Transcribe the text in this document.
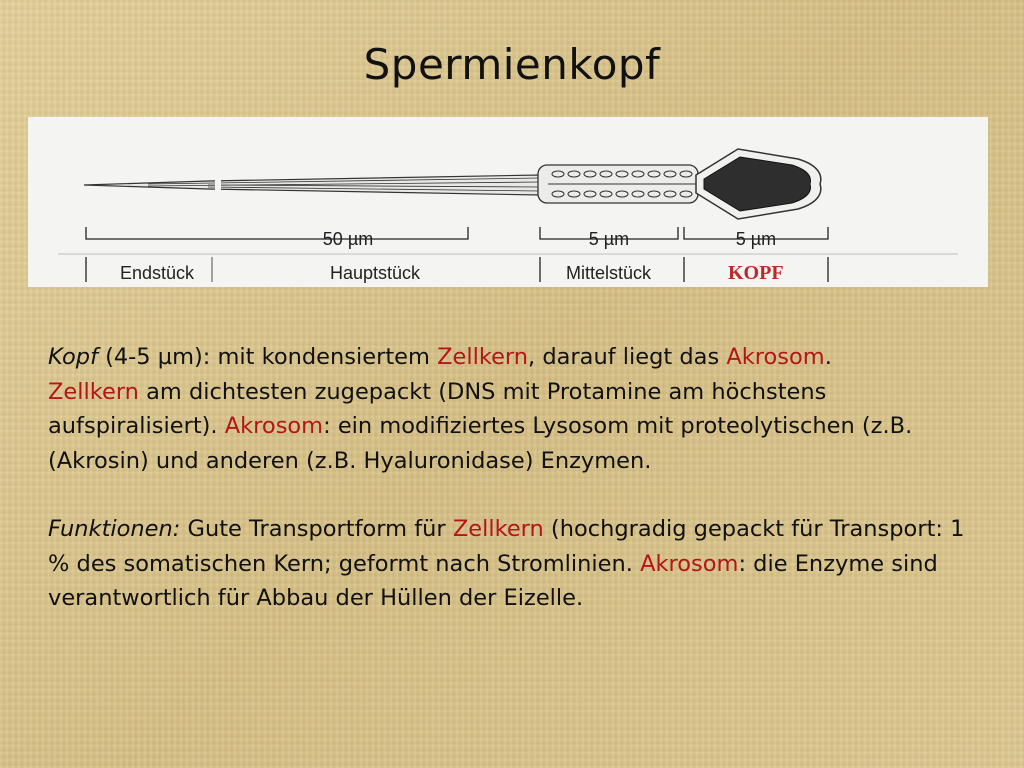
Spermienkopf
50 µm	5 µm	5 µm
Endstück	Hauptstück	Mittelstück	KOPF
Kopf (4-5 µm): mit kondensiertem Zellkern, darauf liegt das Akrosom.
Zellkern am dichtesten zugepackt (DNS mit Protamine am höchstens aufspiralisiert). Akrosom: ein modifiziertes Lysosom mit proteolytischen (z.B. (Akrosin) und anderen (z.B. Hyaluronidase) Enzymen.
Funktionen: Gute Transportform für Zellkern (hochgradig gepackt für Transport: 1 % des somatischen Kern; geformt nach Stromlinien. Akrosom: die Enzyme sind verantwortlich für Abbau der Hüllen der Eizelle.
